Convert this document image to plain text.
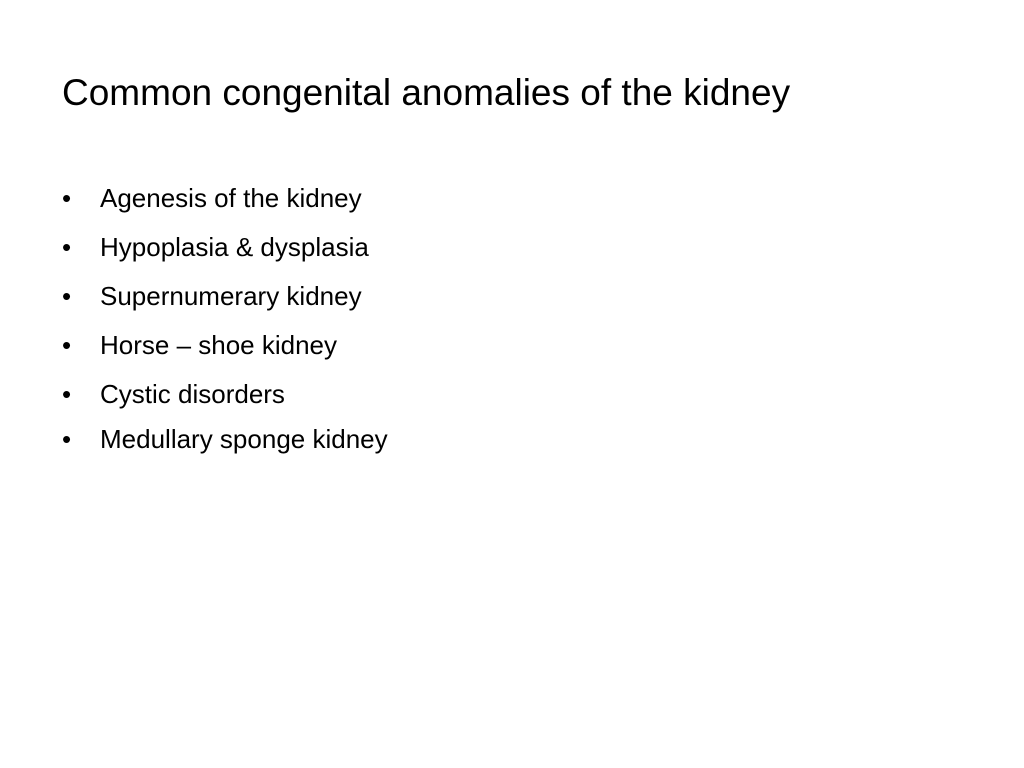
Common congenital anomalies of the kidney
•	Agenesis of the kidney
•	Hypoplasia & dysplasia
•	Supernumerary kidney
•	Horse – shoe kidney
•	Cystic disorders
•	Medullary sponge kidney
